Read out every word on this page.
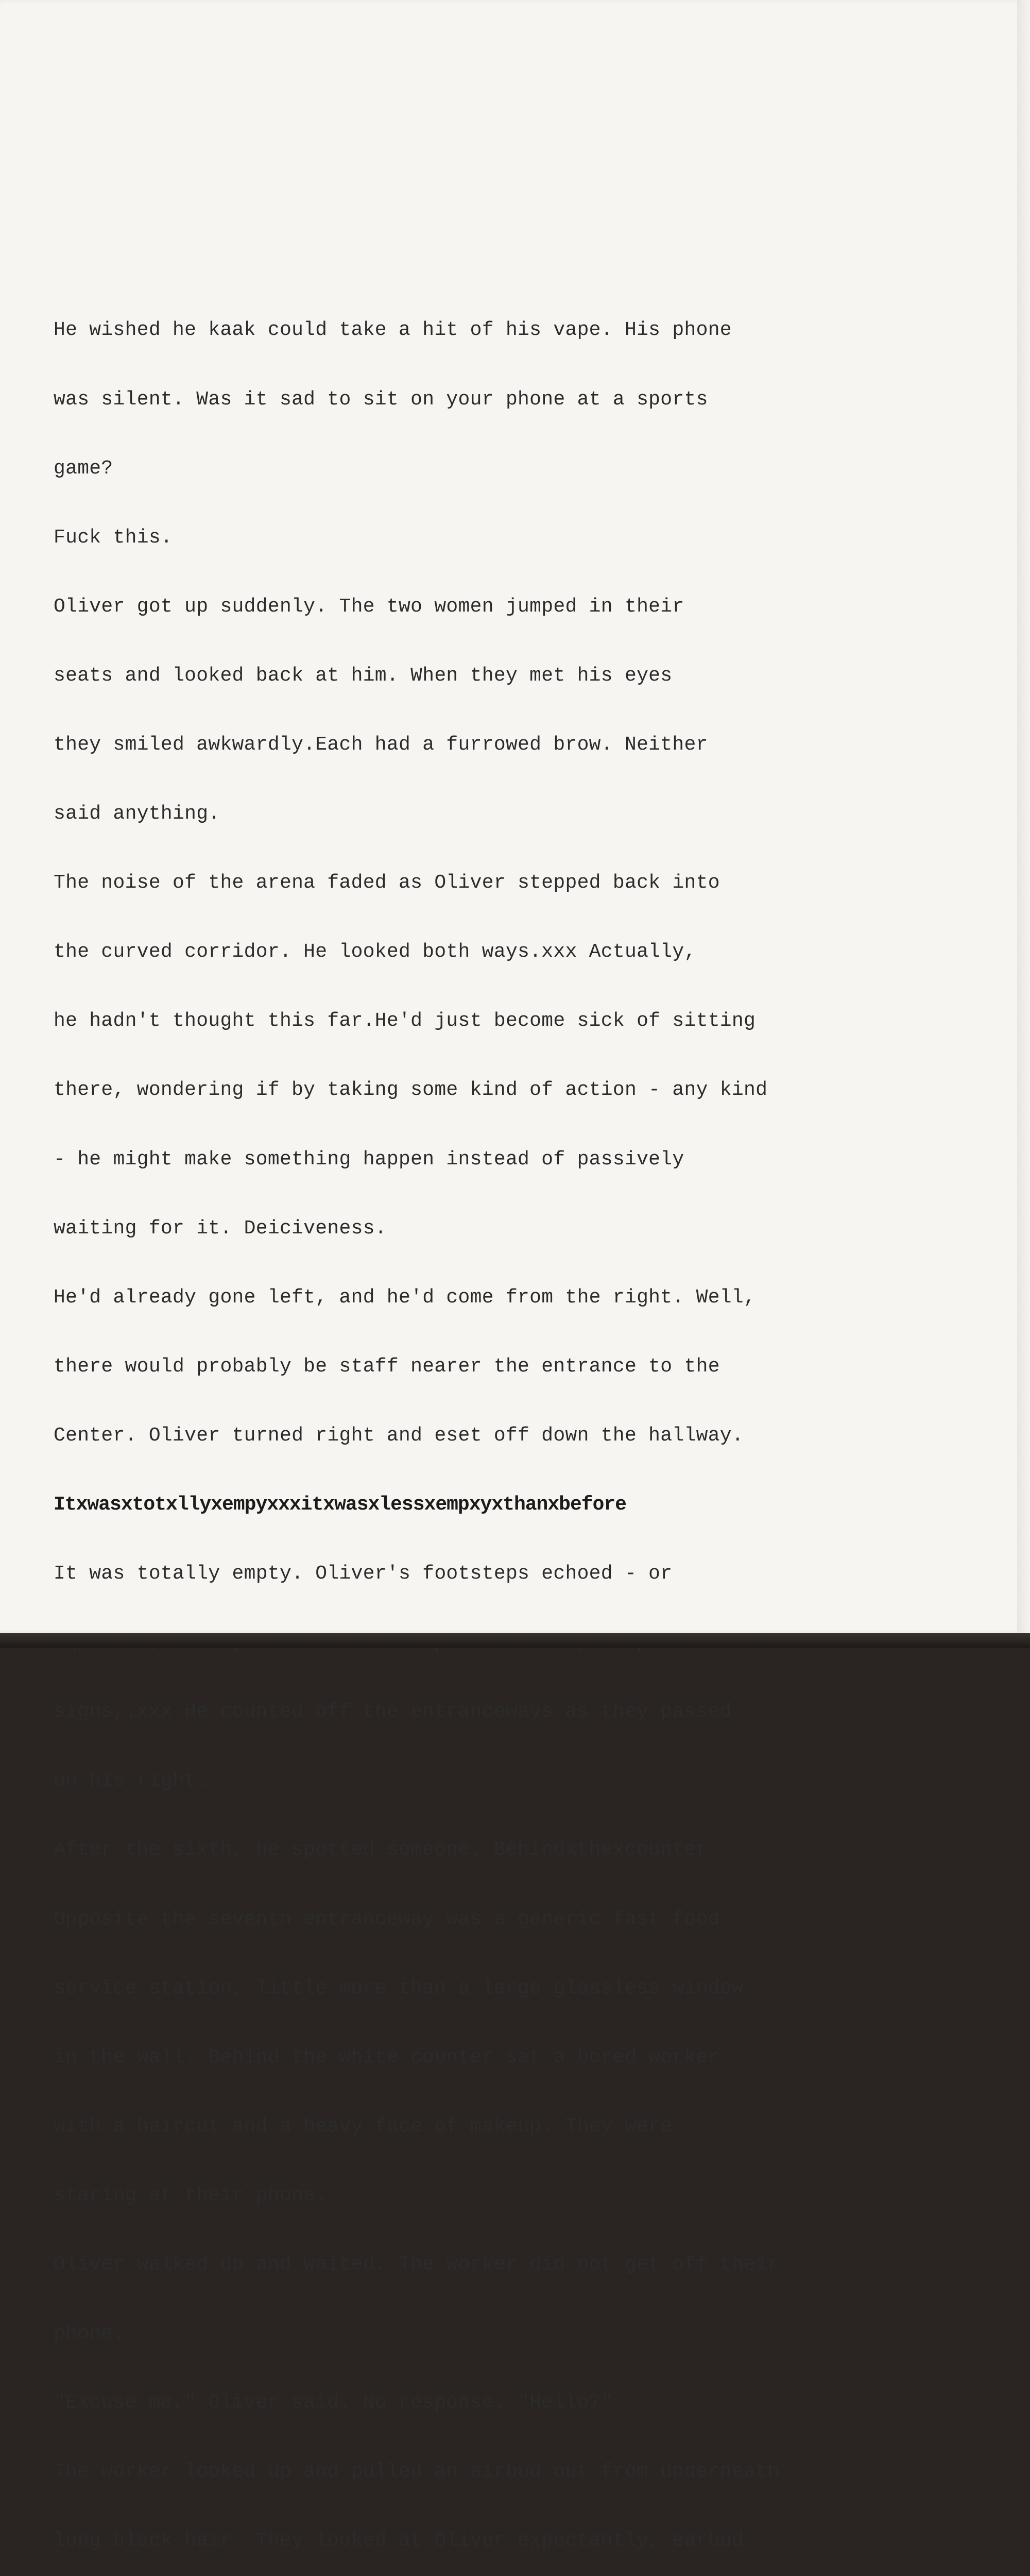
He wished he kaak could take a hit of his vape. His phone

was silent. Was it sad to sit on your phone at a sports

game?

Fuck this.

Oliver got up suddenly. The two women jumped in their

seats and looked back at him. When they met his eyes

they smiled awkwardly.Each had a furrowed brow. Neither

said anything.

The noise of the arena faded as Oliver stepped back into

the curved corridor. He looked both ways.xxx Actually,

he hadn't thought this far.He'd just become sick of sitting

there, wondering if by taking some kind of action - any kind

- he might make something happen instead of passively

waiting for it. Deiciveness.

He'd already gone left, and he'd come from the right. Well,

there would probably be staff nearer the entrance to the

Center. Oliver turned right and eset off down the hallway.

Itxwasxtotxllyxempyxxxitxwasxlessxempxyxthanxbefore

It was totally empty. Oliver's footsteps echoed - or

signs,.xxx He counted off the entranceways as they passed

on his right.

After the sixth, he spotted someone. Behindxthexcounter

Opposite the seventh entranceway was a generic fast food

service station, little more than a large glassless window

in the wall. Behind the white counter sat a bored worker

with a haircut and a heavy face of makeup. They were

staring at their phone.

Oliver walked up and waited. The worker did not get off their

phone.

"Excuse me," Oliver said. No response. "Hello?"

The worker looked up and pulled an airbud out from underneath

long black hair. They looked at Oliver expectantly, earbud
